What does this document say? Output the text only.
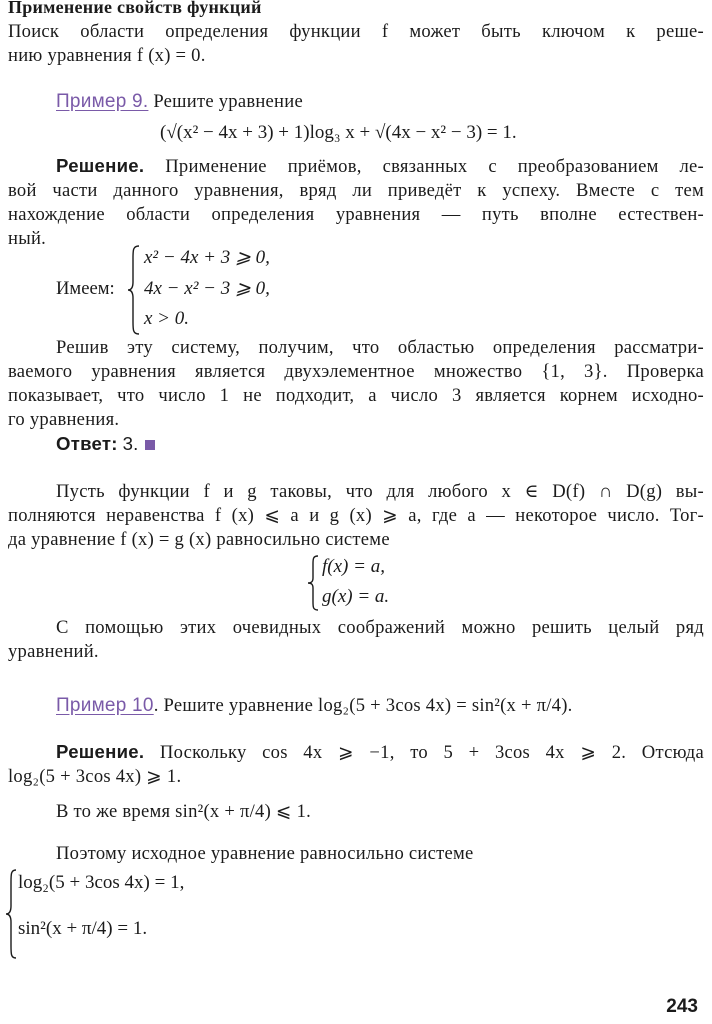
Применение свойств функций
Поиск области определения функции f может быть ключом к реше-
нию уравнения f (x) = 0.
Пример 9. Решите уравнение
(√(x² − 4x + 3) + 1)log₃ x + √(4x − x² − 3) = 1.
Решение. Применение приёмов, связанных с преобразованием ле-
вой части данного уравнения, вряд ли приведёт к успеху. Вместе с тем
нахождение области определения уравнения — путь вполне естествен-
ный.
Имеем:
x² − 4x + 3 ⩾ 0,
4x − x² − 3 ⩾ 0,
x > 0.
Решив эту систему, получим, что областью определения рассматри-
ваемого уравнения является двухэлементное множество {1, 3}. Проверка
показывает, что число 1 не подходит, а число 3 является корнем исходно-
го уравнения.
Ответ: 3.
Пусть функции f и g таковы, что для любого x ∈ D(f) ∩ D(g) вы-
полняются неравенства f (x) ⩽ a и g (x) ⩾ a, где a — некоторое число. Тог-
да уравнение f (x) = g (x) равносильно системе
f(x) = a,
g(x) = a.
С помощью этих очевидных соображений можно решить целый ряд
уравнений.
Пример 10. Решите уравнение log₂(5 + 3cos 4x) = sin²(x + π/4).
Решение. Поскольку cos 4x ⩾ −1, то 5 + 3cos 4x ⩾ 2. Отсюда
log₂(5 + 3cos 4x) ⩾ 1.
В то же время sin²(x + π/4) ⩽ 1.
Поэтому исходное уравнение равносильно системе
log₂(5 + 3cos 4x) = 1,
sin²(x + π/4) = 1.
243
